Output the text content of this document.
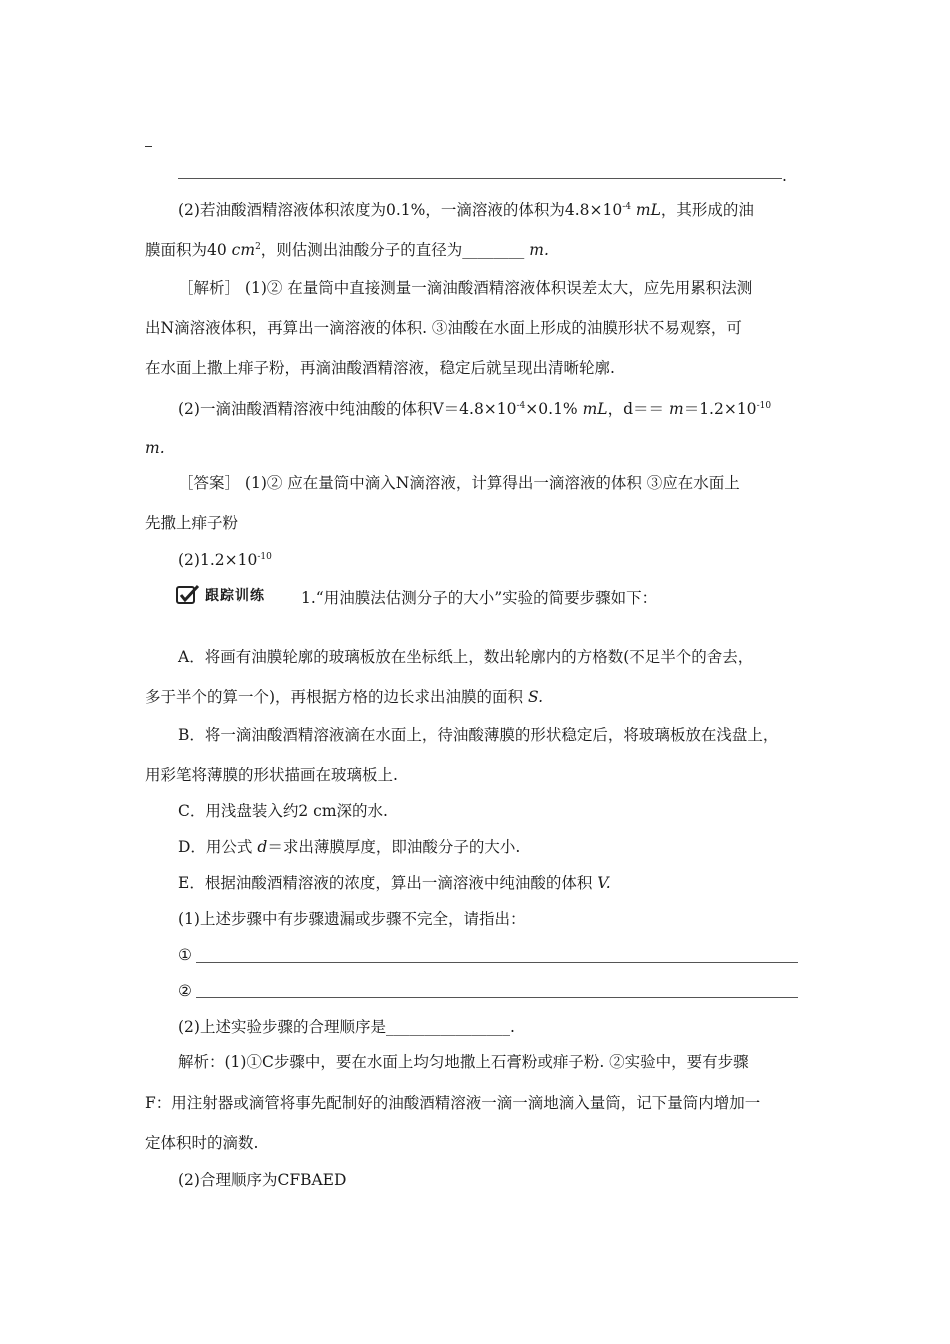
.
(2)若油酸酒精溶液体积浓度为0.1%，一滴溶液的体积为$4.8\times 10^{-4}$ mL，其形成的油
膜面积为40 $cm^2$，则估测出油酸分子的直径为________ m.
［解析］ (1)② 在量筒中直接测量一滴油酸酒精溶液体积误差太大，应先用累积法测
出N滴溶液体积，再算出一滴溶液的体积. ③油酸在水面上形成的油膜形状不易观察，可
在水面上撒上痱子粉，再滴油酸酒精溶液，稳定后就呈现出清晰轮廓.
(2)一滴油酸酒精溶液中纯油酸的体积$V=4.8\times 10^{-4}\times 0.1\%$ mL，$d== m=1.2\times 10^{-10}$
m.
［答案］ (1)② 应在量筒中滴入N滴溶液，计算得出一滴溶液的体积 ③应在水面上
先撒上痱子粉
$(2)1.2\times 10^{-10}$
跟踪训练 1.“用油膜法估测分子的大小”实验的简要步骤如下：
A．将画有油膜轮廓的玻璃板放在坐标纸上，数出轮廓内的方格数(不足半个的舍去，
多于半个的算一个)，再根据方格的边长求出油膜的面积 S.
B．将一滴油酸酒精溶液滴在水面上，待油酸薄膜的形状稳定后，将玻璃板放在浅盘上，
用彩笔将薄膜的形状描画在玻璃板上.
C．用浅盘装入约2 cm深的水.
D．用公式 d＝求出薄膜厚度，即油酸分子的大小.
E．根据油酸酒精溶液的浓度，算出一滴溶液中纯油酸的体积 V.
(1)上述步骤中有步骤遗漏或步骤不完全，请指出：
①
②
(2)上述实验步骤的合理顺序是________________.
解析：(1)①C步骤中，要在水面上均匀地撒上石膏粉或痱子粉. ②实验中，要有步骤
F：用注射器或滴管将事先配制好的油酸酒精溶液一滴一滴地滴入量筒，记下量筒内增加一
定体积时的滴数.
(2)合理顺序为CFBAED
